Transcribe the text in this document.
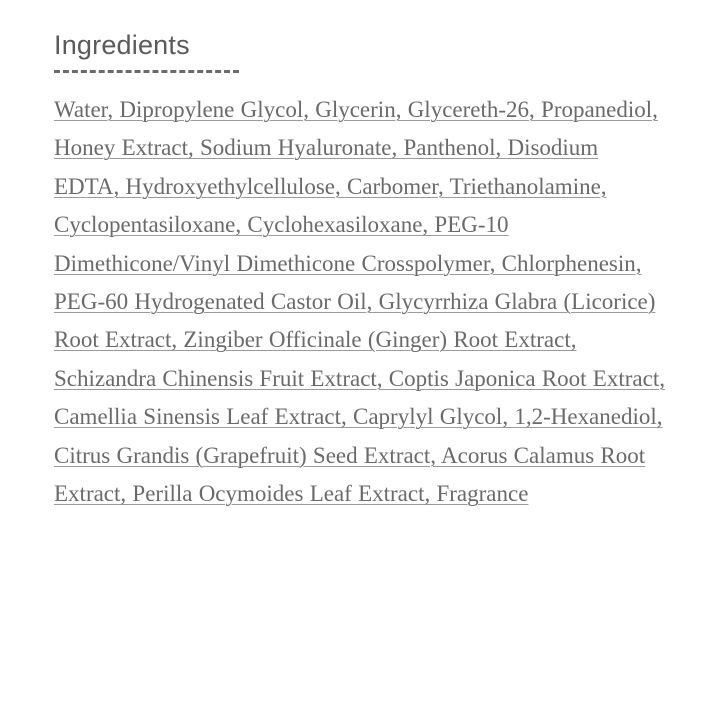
Ingredients

Water, Dipropylene Glycol, Glycerin, Glycereth-26, Propanediol, Honey Extract, Sodium Hyaluronate, Panthenol, Disodium EDTA, Hydroxyethylcellulose, Carbomer, Triethanolamine, Cyclopentasiloxane, Cyclohexasiloxane, PEG-10 Dimethicone/Vinyl Dimethicone Crosspolymer, Chlorphenesin, PEG-60 Hydrogenated Castor Oil, Glycyrrhiza Glabra (Licorice) Root Extract, Zingiber Officinale (Ginger) Root Extract, Schizandra Chinensis Fruit Extract, Coptis Japonica Root Extract, Camellia Sinensis Leaf Extract, Caprylyl Glycol, 1,2-Hexanediol, Citrus Grandis (Grapefruit) Seed Extract, Acorus Calamus Root Extract, Perilla Ocymoides Leaf Extract, Fragrance
